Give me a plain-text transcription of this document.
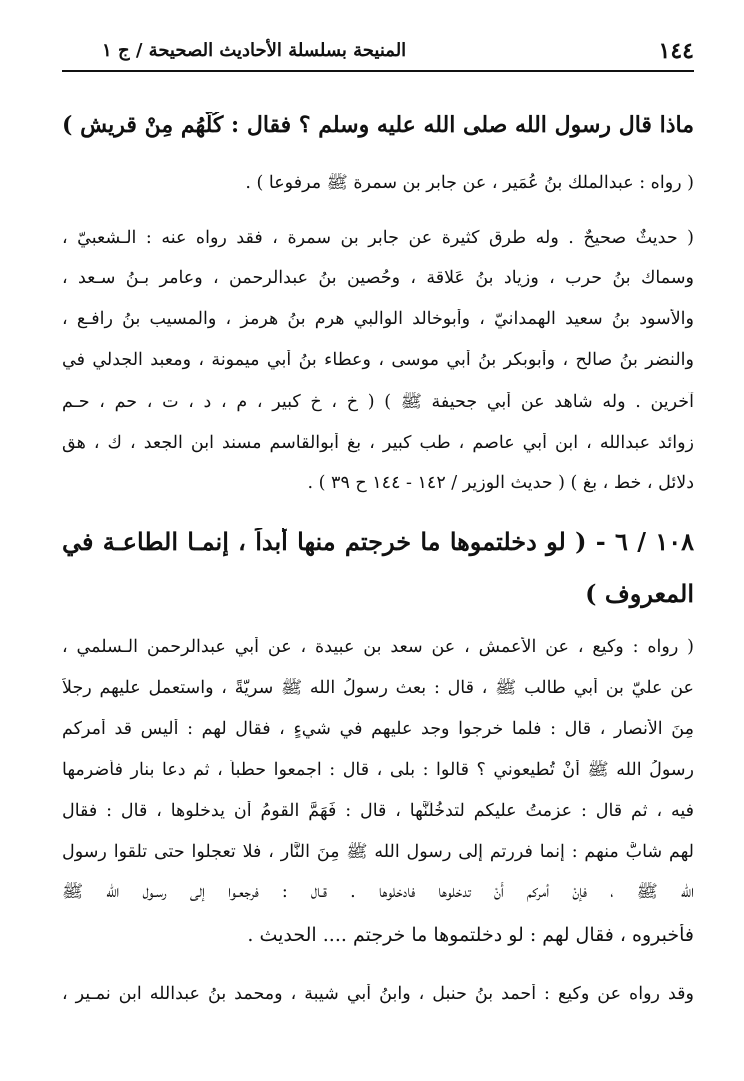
١٤٤
المنيحة بسلسلة الأحاديث الصحيحة / ج ١
ماذا قال رسول الله صلى الله عليه وسلم ؟ فقال : كُلُّهُم مِنْ قريش )
( رواه : عبدالملك بنُ عُمَير ، عن جابر بن سمرة ﷺ مرفوعا ) .
( حديثٌ صحيحٌ . وله طرق كثيرة عن جابر بن سمرة ، فقد رواه عنه : الـشعبيّ ،
وسماك بنُ حرب ، وزياد بنُ عَلاقة ، وحُصين بنُ عبدالرحمن ، وعامر بـنُ سـعد ،
والأسود بنُ سعيد الهمدانيّ ، وأبوخالد الوالبي هرم بنُ هرمز ، والمسيب بنُ رافـع ،
والنضر بنُ صالح ، وأبوبكر بنُ أبي موسى ، وعطاء بنُ أبي ميمونة ، ومعبد الجدلي في
آخرين . وله شاهد عن أبي جحيفة ﷺ ) ( خ ، خ كبير ، م ، د ، ت ، حم ، حـم
زوائد عبدالله ، ابن أبي عاصم ، طب كبير ، بغ أبوالقاسم مسند ابن الجعد ، ك ، هق
دلائل ، خط ، بغ ) ( حديث الوزير / ١٤٢ - ١٤٤ ح ٣٩ ) .
١٠٨ / ٦ - ( لو دخلتموها ما خرجتم منها أبداً ، إنمـا الطاعـة في
المعروف )
( رواه : وكيع ، عن الأعمش ، عن سعد بن عبيدة ، عن أبي عبدالرحمن الـسلمي ،
عن عليّ بن أبي طالب ﷺ ، قال : بعث رسولُ الله ﷺ سريّةً ، واستعمل عليهم رجلاً
مِنَ الأنصار ، قال : فلما خرجوا وجد عليهم في شيءٍ ، فقال لهم : أليس قد أمركم
رسولُ الله ﷺ أَنْ تُطيعوني ؟ قالوا : بلى ، قال : اجمعوا حطباً ، ثم دعا بنار فأضرمها
فيه ، ثم قال : عزمتُ عليكم لتدخُلُنَّها ، قال : فَهَمَّ القومُ أن يدخلوها ، قال : فقال
لهم شابٌّ منهم : إنما فررتم إلى رسول الله ﷺ مِنَ النَّار ، فلا تعجلوا حتى تلقوا رسول
الله ﷺ ، فإنْ أمركم أَنْ تدخلوها فادخلوها . قـال : فرجعـوا إلى رسـول الله ﷺ
فأخبروه ، فقال لهم : لو دخلتموها ما خرجتم .... الحديث .
وقد رواه عن وكيع : أحمد بنُ حنبل ، وابنُ أبي شيبة ، ومحمد بنُ عبدالله ابن نمـير ،
